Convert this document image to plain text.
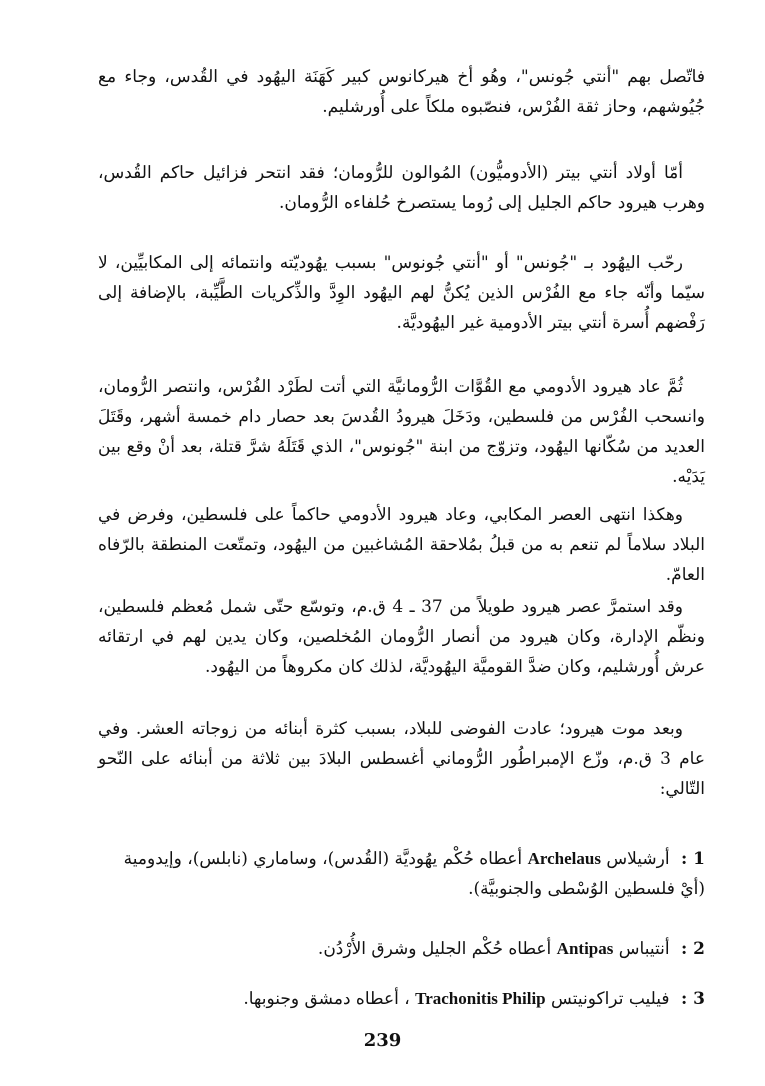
فاتّصل بهم "أنتي جُونس"، وهُو أخ هيركانوس كبير كَهَنَة اليهُود في القُدس، وجاء مع جُيُوشهم، وحاز ثقة الفُرْس، فنصّبوه ملكاً على أُورشليم.

أمّا أولاد أنتي بيتر (الأدوميُّون) المُوالون للرُّومان؛ فقد انتحر فزائيل حاكم القُدس، وهرب هيرود حاكم الجليل إلى رُوما يستصرخ حُلفاءه الرُّومان.

رحّب اليهُود بـ "جُونس" أو "أنتي جُونوس" بسبب يهُوديّته وانتمائه إلى المكابيِّين، لا سيّما وأنّه جاء مع الفُرْس الذين يُكنُّ لهم اليهُود الوِدَّ والذِّكريات الطَّيِّبة، بالإضافة إلى رَفْضهم أُسرة أنتي بيتر الأدومية غير اليهُوديَّة.

ثُمَّ عاد هيرود الأدومي مع القُوَّات الرُّومانيَّة التي أتت لطَرْد الفُرْس، وانتصر الرُّومان، وانسحب الفُرْس من فلسطين، ودَخَلَ هيرودُ القُدسَ بعد حصار دام خمسة أشهر، وقَتَلَ العديد من سُكّانها اليهُود، وتزوّج من ابنة "جُونوس"، الذي قَتَلَهُ شرَّ قتلة، بعد أنْ وقع بين يَدَيْه.

وهكذا انتهى العصر المكابي، وعاد هيرود الأدومي حاكماً على فلسطين، وفرض في البلاد سلاماً لم تنعم به من قبلُ بمُلاحقة المُشاغبين من اليهُود، وتمتّعت المنطقة بالرّفاه العامّ.

وقد استمرَّ عصر هيرود طويلاً من 37 ـ 4 ق.م، وتوسّع حتّى شمل مُعظم فلسطين، ونظّم الإدارة، وكان هيرود من أنصار الرُّومان المُخلصين، وكان يدين لهم في ارتقائه عرش أُورشليم، وكان ضدَّ القوميَّة اليهُوديَّة، لذلك كان مكروهاً من اليهُود.

وبعد موت هيرود؛ عادت الفوضى للبلاد، بسبب كثرة أبنائه من زوجاته العشر. وفي عام 3 ق.م، وزّع الإمبراطُور الرُّوماني أغسطس البلادَ بين ثلاثة من أبنائه على النّحو التّالي:

1 : أرشيلاس Archelaus أعطاه حُكْم يهُوديَّة (القُدس)، وساماري (نابلس)، وإيدومية (أيْ فلسطين الوُسْطى والجنوبيَّة).
2 : أنتيباس Antipas أعطاه حُكْم الجليل وشرق الأُرْدُن.
3 : فيليب تراكونيتس Trachonitis Philip ، أعطاه دمشق وجنوبها.
239
